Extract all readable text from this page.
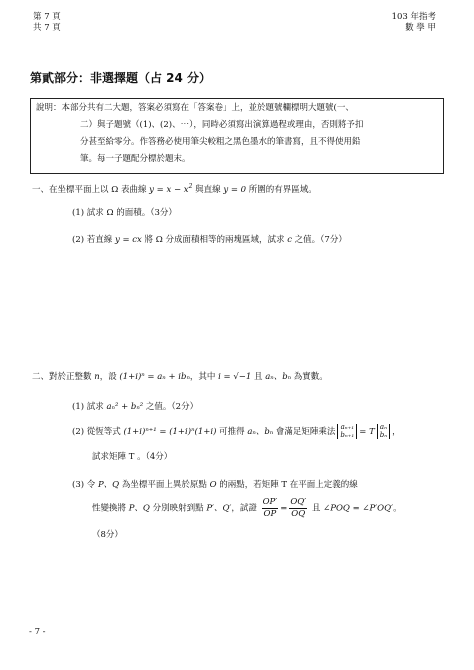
第 7 頁
共 7 頁
103 年指考
數 學 甲
第貳部分：非選擇題（占 24 分）
說明：本部分共有二大題，答案必須寫在「答案卷」上，並於題號欄標明大題號(一、
二）與子題號（(1)、(2)、⋯），同時必須寫出演算過程或理由，否則將予扣
分甚至給零分。作答務必使用筆尖較粗之黑色墨水的筆書寫，且不得使用鉛
筆。每一子題配分標於題末。
一、在坐標平面上以 Ω 表曲線 $y = x - x^2$ 與直線 y = 0 所圍的有界區域。
(1) 試求 Ω 的面積。（3分）
(2) 若直線 y = cx 將 Ω 分成面積相等的兩塊區域，試求 c 之值。（7分）
二、對於正整數 n，設 (1+i)ⁿ = aₙ + ibₙ，其中 i = √−1 且 aₙ、bₙ 為實數。
(1) 試求 aₙ² + bₙ² 之值。（2分）
(2) 從恆等式 (1+i)ⁿ⁺¹ = (1+i)ⁿ(1+i) 可推得 aₙ、bₙ 會滿足矩陣乘法
aₙ₊₁
bₙ₊₁ = T
aₙ
bₙ ，
試求矩陣 T 。（4分）
(3) 令 P、Q 為坐標平面上異於原點 O 的兩點，若矩陣 T 在平面上定義的線
性變換將 P、Q 分別映射到點 P′、Q′，試證 $\frac{OP'}{OP} = \frac{OQ'}{OQ}$ 且 ∠POQ = ∠P′OQ′。
（8分）
- 7 -
